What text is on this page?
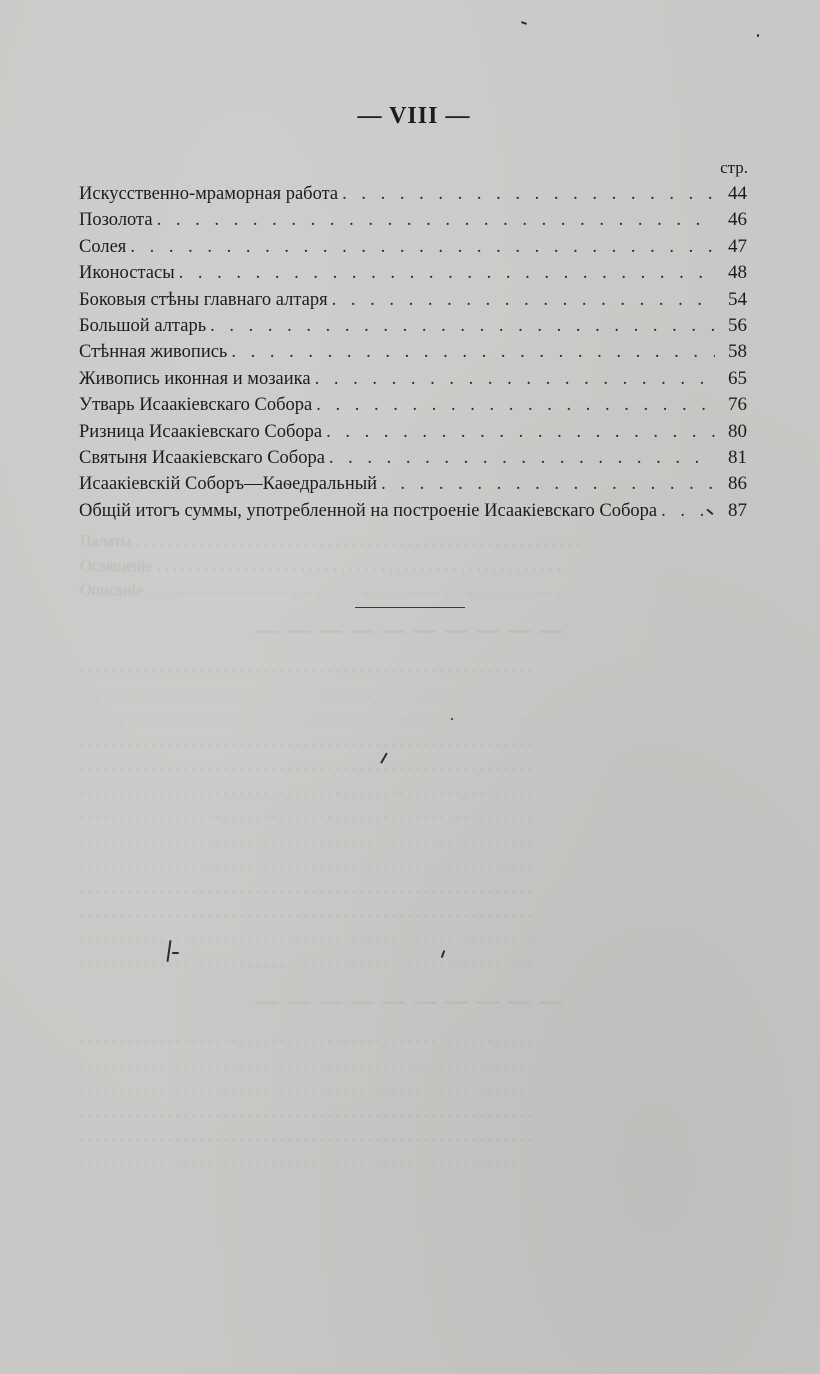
Палаты . . . . . . . . . . . . . . . . . . . . . . . . . . . . . . . . . . . . . . . . . . . . . . . . . . . . . . . .
Освященіе . . . . . . . . . . . . . . . . . . . . . . . . . . . . . . . . . . . . . . . . . . . . . . . . . . .
Описаніе . . . . . . . . . . . . . . . . . . . . . . . . . . . . . . . . . . . . . . . . . . . . . . . . . . . . .
— — — — — — — — — —
. . . . . . . . . . . . . . . . . . . . . . . . . . . . . . . . . . . . . . . . . . . . . . . . . . . . . . . . .
. . . . . . . . . . . . . . . . . . . . . . . . . . . . . . . . . . . . . . . . . . . . . . . . . . . . . . . . .
. . . . . . . . . . . . . . . . . . . . . . . . . . . . . . . . . . . . . . . . . . . . . . . . . . . . . . . . .
. . . . . . . . . . . . . . . . . . . . . . . . . . . . . . . . . . . . . . . . . . . . . . . . . . . . . . . . .
. . . . . . . . . . . . . . . . . . . . . . . . . . . . . . . . . . . . . . . . . . . . . . . . . . . . . . . . .
. . . . . . . . . . . . . . . . . . . . . . . . . . . . . . . . . . . . . . . . . . . . . . . . . . . . . . . . .
. . . . . . . . . . . . . . . . . . . . . . . . . . . . . . . . . . . . . . . . . . . . . . . . . . . . . . . . .
. . . . . . . . . . . . . . . . . . . . . . . . . . . . . . . . . . . . . . . . . . . . . . . . . . . . . . . . .
. . . . . . . . . . . . . . . . . . . . . . . . . . . . . . . . . . . . . . . . . . . . . . . . . . . . . . . . .
. . . . . . . . . . . . . . . . . . . . . . . . . . . . . . . . . . . . . . . . . . . . . . . . . . . . . . . . .
. . . . . . . . . . . . . . . . . . . . . . . . . . . . . . . . . . . . . . . . . . . . . . . . . . . . . . . . .
. . . . . . . . . . . . . . . . . . . . . . . . . . . . . . . . . . . . . . . . . . . . . . . . . . . . . . . . .
. . . . . . . . . . . . . . . . . . . . . . . . . . . . . . . . . . . . . . . . . . . . . . . . . . . . . . . . .
— — — — — — — — — —
. . . . . . . . . . . . . . . . . . . . . . . . . . . . . . . . . . . . . . . . . . . . . . . . . . . . . . . . .
. . . . . . . . . . . . . . . . . . . . . . . . . . . . . . . . . . . . . . . . . . . . . . . . . . . . . . . . .
. . . . . . . . . . . . . . . . . . . . . . . . . . . . . . . . . . . . . . . . . . . . . . . . . . . . . . . . .
. . . . . . . . . . . . . . . . . . . . . . . . . . . . . . . . . . . . . . . . . . . . . . . . . . . . . . . . .
. . . . . . . . . . . . . . . . . . . . . . . . . . . . . . . . . . . . . . . . . . . . . . . . . . . . . . . . .
. . . . . . . . . . . . . . . . . . . . . . . . . . . . . . . . . . . . . . . . . . . . . . . . . . . . . . . . .
— VIII —

стр.

Искусственно-мраморная работа . . .	44
Позолота . . .	46
Солея . . .	47
Иконостасы . . .	48
Боковыя стѣны главнаго алтаря . . .	54
Большой алтарь . . .	56
Стѣнная живопись . . .	58
Живопись иконная и мозаика . . .	65
Утварь Исаакіевскаго Собора . . .	76
Ризница Исаакіевскаго Собора . . .	80
Святыня Исаакіевскаго Собора . . .	81
Исаакіевскій Соборъ—Каѳедральный . . .	86
Общій итогъ суммы, употребленной на построеніе Исаакіевскаго Собора . . .	87
